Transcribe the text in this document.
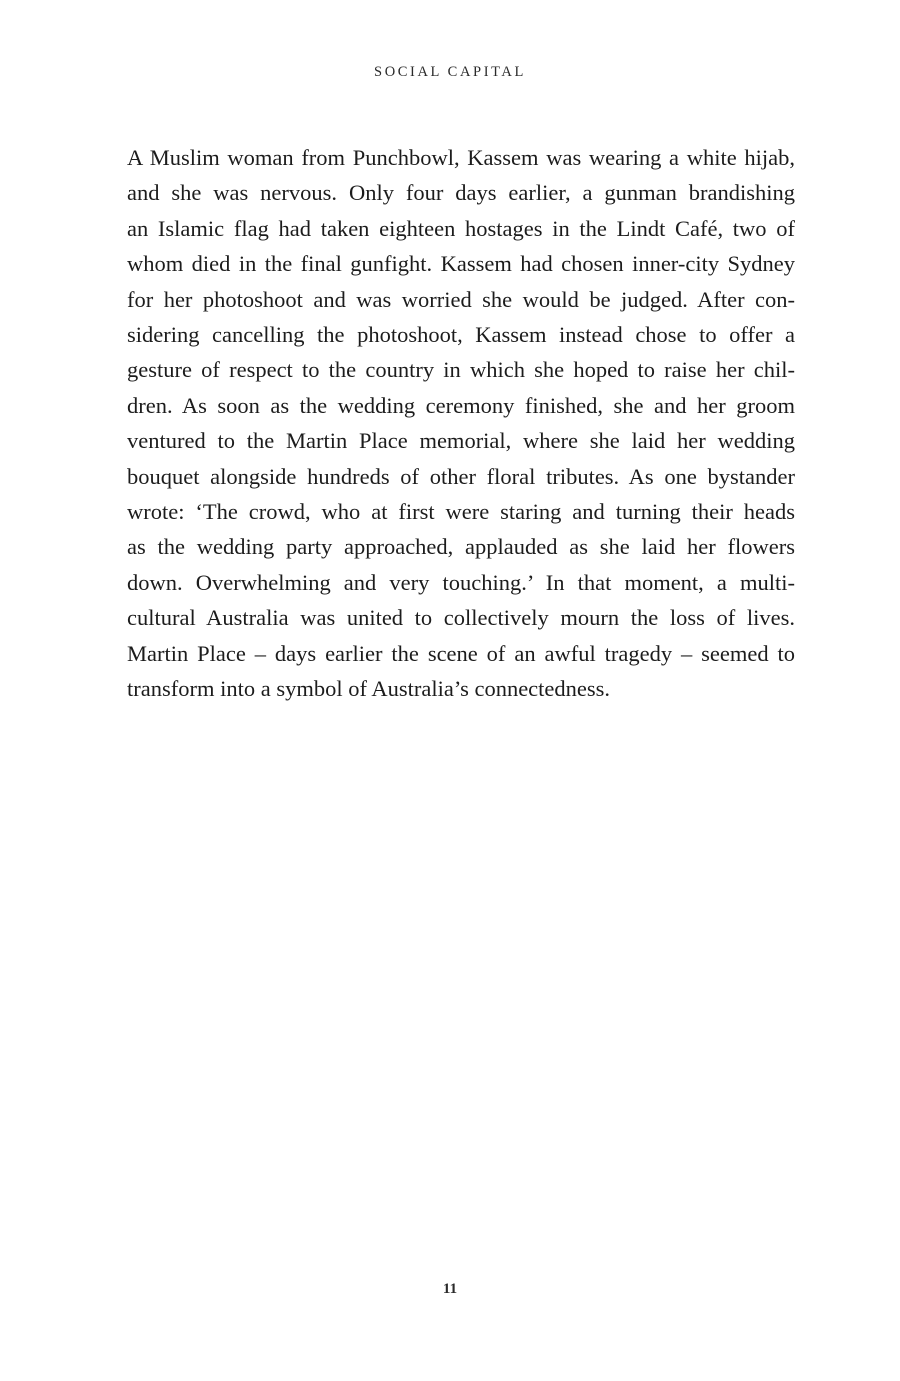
SOCIAL CAPITAL

A Muslim woman from Punchbowl, Kassem was wearing a white hijab,
and she was nervous. Only four days earlier, a gunman brandishing
an Islamic flag had taken eighteen hostages in the Lindt Café, two of
whom died in the final gunfight. Kassem had chosen inner-city Sydney
for her photoshoot and was worried she would be judged. After con-
sidering cancelling the photoshoot, Kassem instead chose to offer a
gesture of respect to the country in which she hoped to raise her chil-
dren. As soon as the wedding ceremony finished, she and her groom
ventured to the Martin Place memorial, where she laid her wedding
bouquet alongside hundreds of other floral tributes. As one bystander
wrote: ‘The crowd, who at first were staring and turning their heads
as the wedding party approached, applauded as she laid her flowers
down. Overwhelming and very touching.’ In that moment, a multi-
cultural Australia was united to collectively mourn the loss of lives.
Martin Place – days earlier the scene of an awful tragedy – seemed to
transform into a symbol of Australia’s connectedness.

11
